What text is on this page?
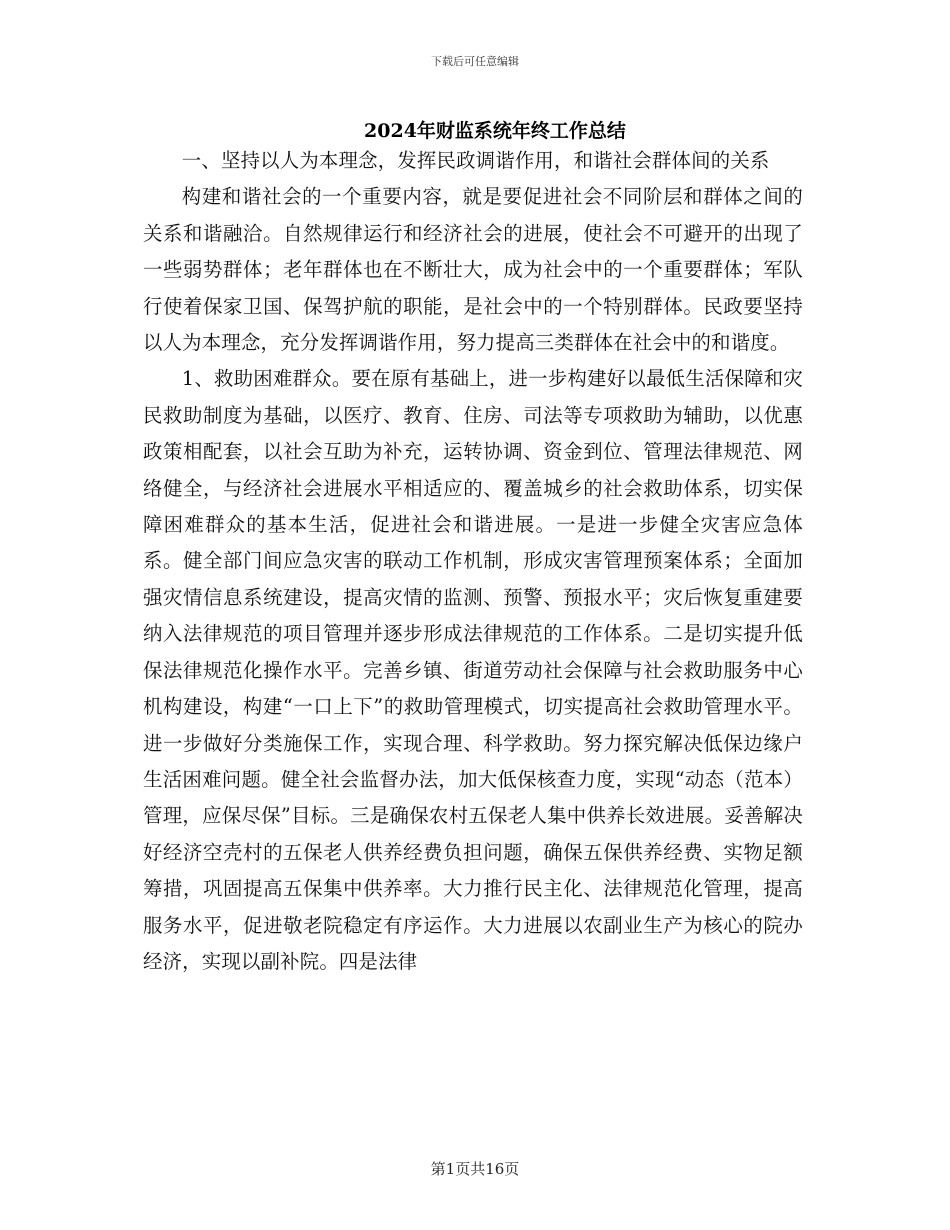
下载后可任意编辑
2024年财监系统年终工作总结

一、坚持以人为本理念，发挥民政调谐作用，和谐社会群体间的关系

构建和谐社会的一个重要内容，就是要促进社会不同阶层和群体之间的关系和谐融洽。自然规律运行和经济社会的进展，使社会不可避开的出现了一些弱势群体；老年群体也在不断壮大，成为社会中的一个重要群体；军队行使着保家卫国、保驾护航的职能，是社会中的一个特别群体。民政要坚持以人为本理念，充分发挥调谐作用，努力提高三类群体在社会中的和谐度。

1、救助困难群众。要在原有基础上，进一步构建好以最低生活保障和灾民救助制度为基础，以医疗、教育、住房、司法等专项救助为辅助，以优惠政策相配套，以社会互助为补充，运转协调、资金到位、管理法律规范、网络健全，与经济社会进展水平相适应的、覆盖城乡的社会救助体系，切实保障困难群众的基本生活，促进社会和谐进展。一是进一步健全灾害应急体系。健全部门间应急灾害的联动工作机制，形成灾害管理预案体系；全面加强灾情信息系统建设，提高灾情的监测、预警、预报水平；灾后恢复重建要纳入法律规范的项目管理并逐步形成法律规范的工作体系。二是切实提升低保法律规范化操作水平。完善乡镇、街道劳动社会保障与社会救助服务中心机构建设，构建“一口上下”的救助管理模式，切实提高社会救助管理水平。进一步做好分类施保工作，实现合理、科学救助。努力探究解决低保边缘户生活困难问题。健全社会监督办法，加大低保核查力度，实现“动态（范本）管理，应保尽保”目标。三是确保农村五保老人集中供养长效进展。妥善解决好经济空壳村的五保老人供养经费负担问题，确保五保供养经费、实物足额筹措，巩固提高五保集中供养率。大力推行民主化、法律规范化管理，提高服务水平，促进敬老院稳定有序运作。大力进展以农副业生产为核心的院办经济，实现以副补院。四是法律

第1页共16页
